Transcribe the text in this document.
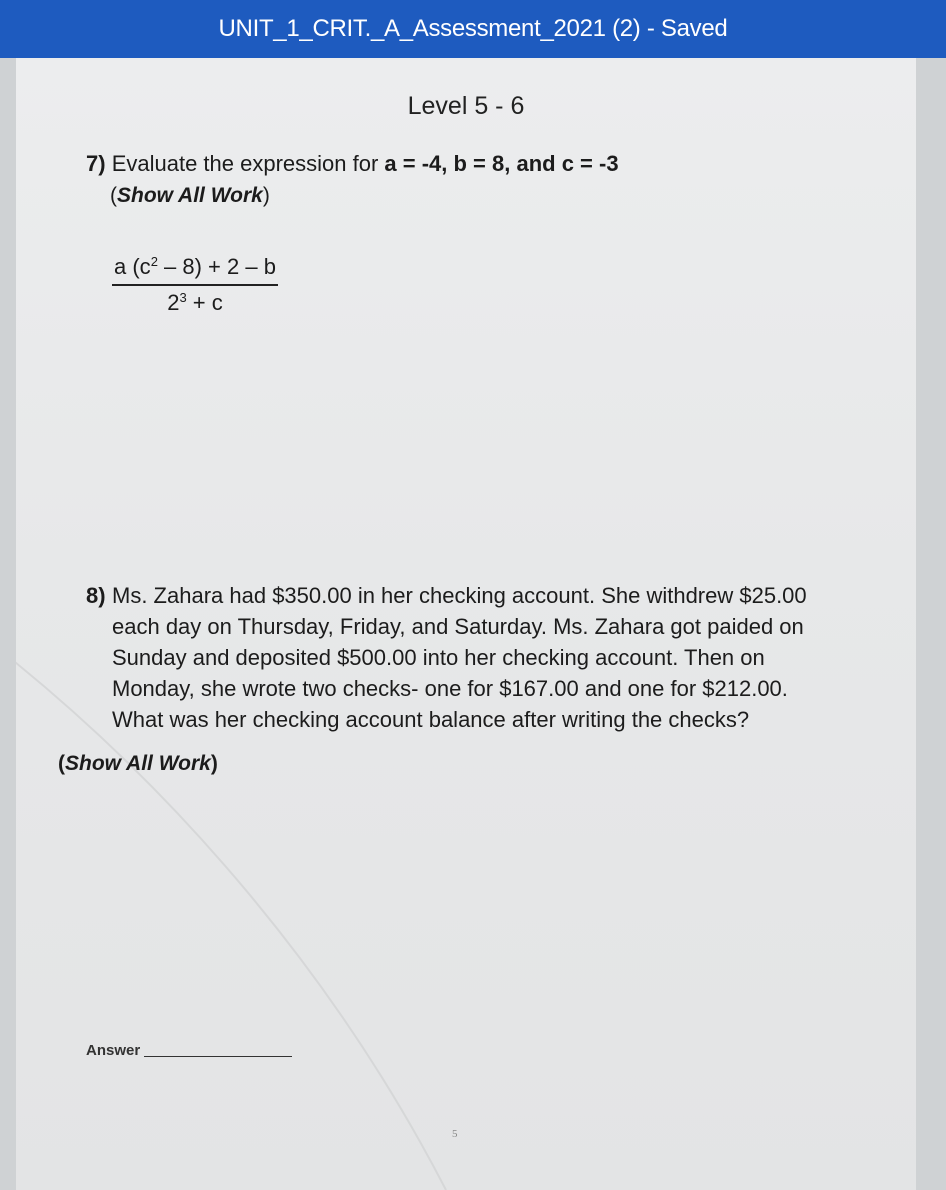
UNIT_1_CRIT._A_Assessment_2021 (2) - Saved
Level 5 - 6
7) Evaluate the expression for a = -4, b = 8, and c = -3
(Show All Work)
$\frac{a (c^2 - 8) + 2 - b}{2^3 + c}$
8) Ms. Zahara had $350.00 in her checking account. She withdrew $25.00
each day on Thursday, Friday, and Saturday. Ms. Zahara got paided on
Sunday and deposited $500.00 into her checking account. Then on
Monday, she wrote two checks- one for $167.00 and one for $212.00.
What was her checking account balance after writing the checks?
(Show All Work)
Answer
5
